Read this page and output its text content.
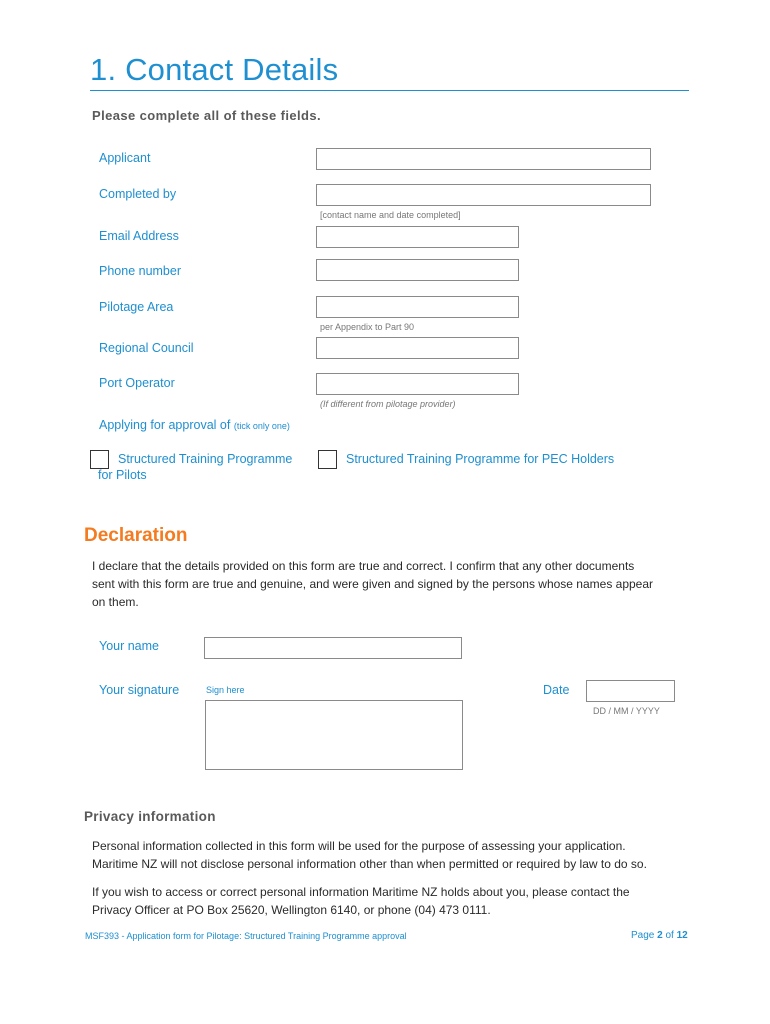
1. Contact Details
Please complete all of these fields.
Applicant
Completed by
[contact name and date completed]
Email Address
Phone number
Pilotage Area
per Appendix to Part 90
Regional Council
Port Operator
(If different from pilotage provider)
Applying for approval of (tick only one)
Structured Training Programme
for Pilots
Structured Training Programme for PEC Holders
Declaration
I declare that the details provided on this form are true and correct. I confirm that any other documents
sent with this form are true and genuine, and were given and signed by the persons whose names appear
on them.
Your name
Your signature	Sign here	Date
DD / MM / YYYY
Privacy information
Personal information collected in this form will be used for the purpose of assessing your application.
Maritime NZ will not disclose personal information other than when permitted or required by law to do so.
If you wish to access or correct personal information Maritime NZ holds about you, please contact the
Privacy Officer at PO Box 25620, Wellington 6140, or phone (04) 473 0111.
MSF393 - Application form for Pilotage: Structured Training Programme approval	Page 2 of 12
